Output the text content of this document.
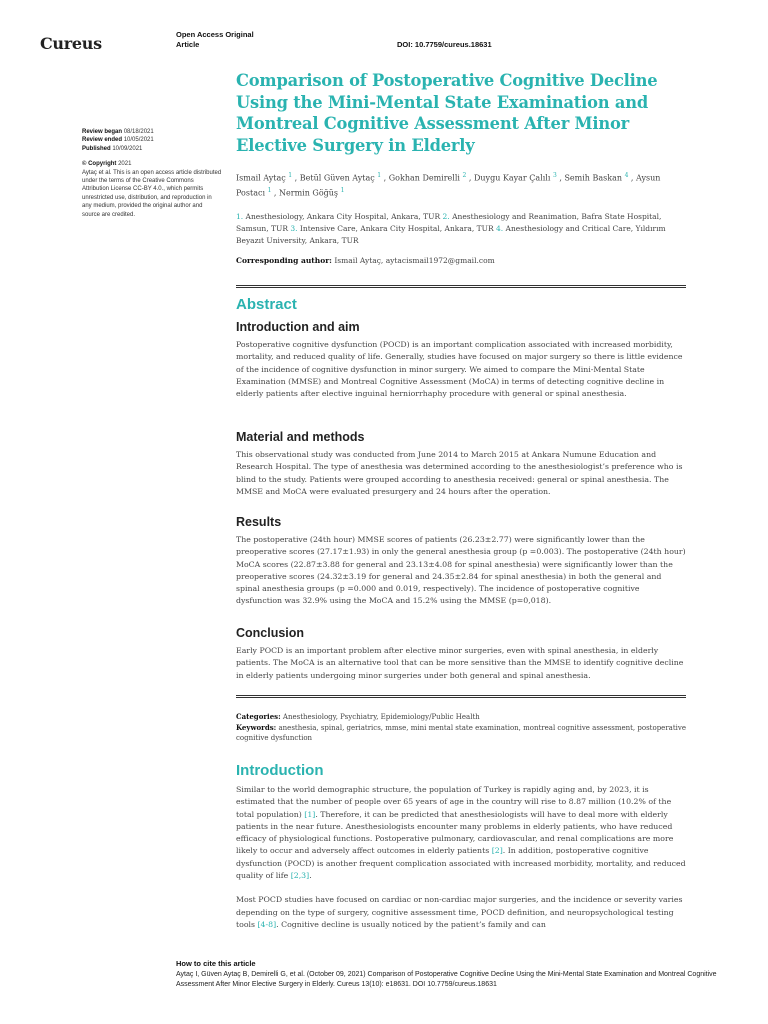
Cureus	Open Access Original
Article	DOI: 10.7759/cureus.18631
Review began 08/18/2021
Review ended 10/05/2021
Published 10/09/2021
© Copyright 2021
Aytaç et al. This is an open access article distributed under the terms of the Creative Commons Attribution License CC-BY 4.0., which permits unrestricted use, distribution, and reproduction in any medium, provided the original author and source are credited.
Comparison of Postoperative Cognitive Decline Using the Mini-Mental State Examination and Montreal Cognitive Assessment After Minor Elective Surgery in Elderly
Ismail Aytaç $^1$ , Betül Güven Aytaç $^1$ , Gokhan Demirelli $^2$ , Duygu Kayar Çalılı $^3$ , Semih Baskan $^4$ , Aysun Postacı $^1$ , Nermin Göğüş $^1$
1. Anesthesiology, Ankara City Hospital, Ankara, TUR 2. Anesthesiology and Reanimation, Bafra State Hospital, Samsun, TUR 3. Intensive Care, Ankara City Hospital, Ankara, TUR 4. Anesthesiology and Critical Care, Yıldırım Beyazıt University, Ankara, TUR
Corresponding author: Ismail Aytaç, aytacismail1972@gmail.com
Abstract
Introduction and aim

Postoperative cognitive dysfunction (POCD) is an important complication associated with increased morbidity, mortality, and reduced quality of life. Generally, studies have focused on major surgery so there is little evidence of the incidence of cognitive dysfunction in minor surgery. We aimed to compare the Mini-Mental State Examination (MMSE) and Montreal Cognitive Assessment (MoCA) in terms of detecting cognitive decline in elderly patients after elective inguinal herniorrhaphy procedure with general or spinal anesthesia.

Material and methods

This observational study was conducted from June 2014 to March 2015 at Ankara Numune Education and Research Hospital. The type of anesthesia was determined according to the anesthesiologist’s preference who is blind to the study. Patients were grouped according to anesthesia received: general or spinal anesthesia. The MMSE and MoCA were evaluated presurgery and 24 hours after the operation.

Results

The postoperative (24th hour) MMSE scores of patients (26.23±2.77) were significantly lower than the preoperative scores (27.17±1.93) in only the general anesthesia group (p =0.003). The postoperative (24th hour) MoCA scores (22.87±3.88 for general and 23.13±4.08 for spinal anesthesia) were significantly lower than the preoperative scores (24.32±3.19 for general and 24.35±2.84 for spinal anesthesia) in both the general and spinal anesthesia groups (p =0.000 and 0.019, respectively). The incidence of postoperative cognitive dysfunction was 32.9% using the MoCA and 15.2% using the MMSE (p=0,018).

Conclusion

Early POCD is an important problem after elective minor surgeries, even with spinal anesthesia, in elderly patients. The MoCA is an alternative tool that can be more sensitive than the MMSE to identify cognitive decline in elderly patients undergoing minor surgeries under both general and spinal anesthesia.

Categories: Anesthesiology, Psychiatry, Epidemiology/Public Health
Keywords: anesthesia, spinal, geriatrics, mmse, mini mental state examination, montreal cognitive assessment, postoperative cognitive dysfunction
Introduction

Similar to the world demographic structure, the population of Turkey is rapidly aging and, by 2023, it is estimated that the number of people over 65 years of age in the country will rise to 8.87 million (10.2% of the total population) [1]. Therefore, it can be predicted that anesthesiologists will have to deal more with elderly patients in the near future. Anesthesiologists encounter many problems in elderly patients, who have reduced efficacy of physiological functions. Postoperative pulmonary, cardiovascular, and renal complications are more likely to occur and adversely affect outcomes in elderly patients [2]. In addition, postoperative cognitive dysfunction (POCD) is another frequent complication associated with increased morbidity, mortality, and reduced quality of life [2,3].

Most POCD studies have focused on cardiac or non-cardiac major surgeries, and the incidence or severity varies depending on the type of surgery, cognitive assessment time, POCD definition, and neuropsychological testing tools [4-8]. Cognitive decline is usually noticed by the patient’s family and can

How to cite this article
Aytaç I, Güven Aytaç B, Demirelli G, et al. (October 09, 2021) Comparison of Postoperative Cognitive Decline Using the Mini-Mental State Examination and Montreal Cognitive Assessment After Minor Elective Surgery in Elderly. Cureus 13(10): e18631. DOI 10.7759/cureus.18631
